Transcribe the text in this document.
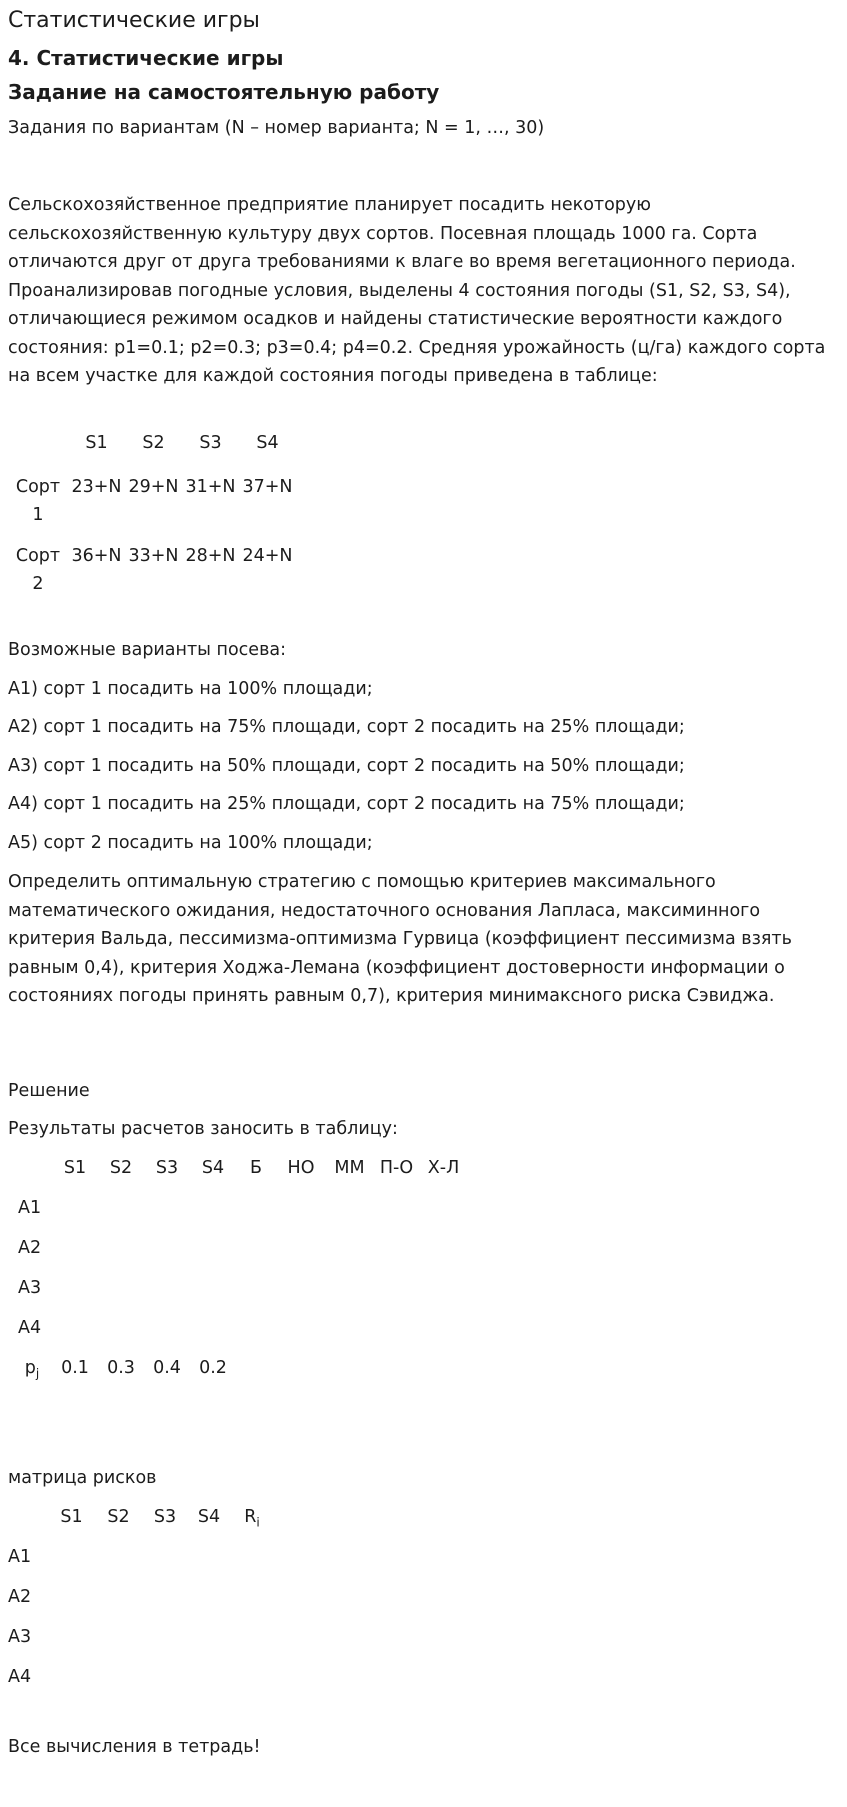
Статистические игры
4. Статистические игры
Задание на самостоятельную работу
Задания по вариантам (N – номер варианта; N = 1, …, 30)
Сельскохозяйственное предприятие планирует посадить некоторую сельскохозяйственную культуру двух сортов. Посевная площадь 1000 га. Сорта отличаются друг от друга требованиями к влаге во время вегетационного периода. Проанализировав погодные условия, выделены 4 состояния погоды (S1, S2, S3, S4), отличающиеся режимом осадков и найдены статистические вероятности каждого состояния: p1=0.1; p2=0.3; p3=0.4; p4=0.2. Средняя урожайность (ц/га) каждого сорта на всем участке для каждой состояния погоды приведена в таблице:
	S1	S2	S3	S4

Сорт 1	23+N	29+N	31+N	37+N

Сорт 2	36+N	33+N	28+N	24+N
Возможные варианты посева:
А1) сорт 1 посадить на 100% площади;
А2) сорт 1 посадить на 75% площади, сорт 2 посадить на 25% площади;
А3) сорт 1 посадить на 50% площади, сорт 2 посадить на 50% площади;
А4) сорт 1 посадить на 25% площади, сорт 2 посадить на 75% площади;
А5) сорт 2 посадить на 100% площади;
Определить оптимальную стратегию с помощью критериев максимального математического ожидания, недостаточного основания Лапласа, максиминного критерия Вальда, пессимизма-оптимизма Гурвица (коэффициент пессимизма взять равным 0,4), критерия Ходжа-Лемана (коэффициент достоверности информации о состояниях погоды принять равным 0,7), критерия минимаксного риска Сэвиджа.
Решение
Результаты расчетов заносить в таблицу:
	S1	S2	S3	S4	Б	НО	ММ	П-О	Х-Л
А1									
А2									
А3									
А4									
$p_j$	0.1	0.3	0.4	0.2					
матрица рисков
	S1	S2	S3	S4	$R_i$
А1					
А2					
А3					
А4					
Все вычисления в тетрадь!
